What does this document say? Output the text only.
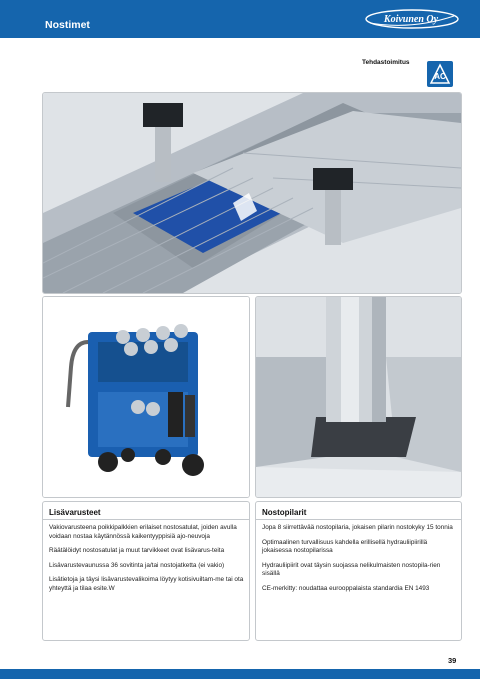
Nostimet	Koivunen Oy
Tehdastoimitus
AC
Lisävarusteet

Vakiovarusteena poikkipalkkien erilaiset nostosatulat, joiden avulla voidaan nostaa käytännössä kaikentyyppisiä ajo-neuvoja

Räätälöidyt nostosatulat ja muut tarvikkeet ovat lisävarus-teita

Lisävarustevaunussa 36 sovitinta ja/tai nostojatketta (ei vakio)

Lisätietoja ja täysi lisävarustevalikoima löytyy kotisivuiltam-me tai ota yhteyttä ja tilaa esite.W

Nostopilarit

Jopa 8 siirrettävää nostopilaria, jokaisen pilarin nostokyky 15 tonnia

Optimaalinen turvallisuus kahdella erillisellä hydrauliipiirillä jokaisessa nostopilarissa

Hydrauliipiirit ovat täysin suojassa nelikulmaisten nostopila-rien sisällä

CE-merkitty: noudattaa eurooppalaista standardia EN 1493

39
